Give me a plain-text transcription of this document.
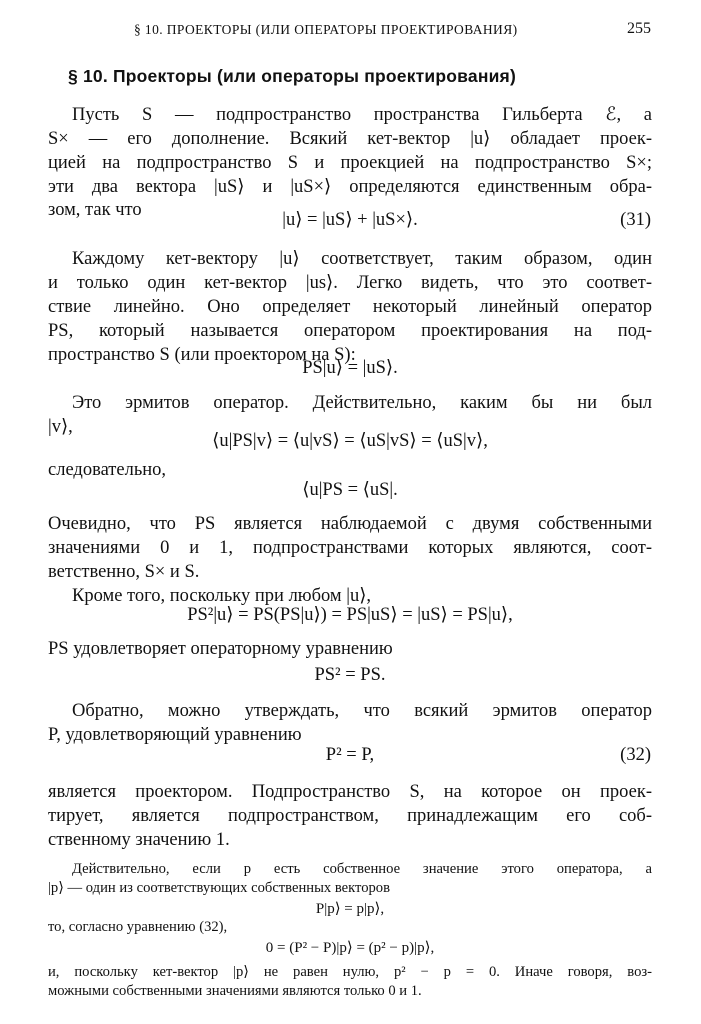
§ 10. ПРОЕКТОРЫ (ИЛИ ОПЕРАТОРЫ ПРОЕКТИРОВАНИЯ)	255
§ 10. Проекторы (или операторы проектирования)

Пусть S — подпространство пространства Гильберта ℰ, а

S× — его дополнение. Всякий кет-вектор |u⟩ обладает проек-

цией на подпространство S и проекцией на подпространство S×;

эти два вектора |uS⟩ и |uS×⟩ определяются единственным обра-

зом, так что	|u⟩ = |uS⟩ + |uS×⟩.	(31)

Каждому кет-вектору |u⟩ соответствует, таким образом, один

и только один кет-вектор |us⟩. Легко видеть, что это соответ-

ствие линейно. Оно определяет некоторый линейный оператор

PS, который называется оператором проектирования на под-

пространство S (или проектором на S):

PS|u⟩ = |uS⟩.

Это эрмитов оператор. Действительно, каким бы ни был

|v⟩,

⟨u|PS|v⟩ = ⟨u|vS⟩ = ⟨uS|vS⟩ = ⟨uS|v⟩,

следовательно,

⟨u|PS = ⟨uS|.

Очевидно, что PS является наблюдаемой с двумя собственными

значениями 0 и 1, подпространствами которых являются, соот-

ветственно, S× и S.

Кроме того, поскольку при любом |u⟩,

PS²|u⟩ = PS(PS|u⟩) = PS|uS⟩ = |uS⟩ = PS|u⟩,

PS удовлетворяет операторному уравнению

PS² = PS.

Обратно, можно утверждать, что всякий эрмитов оператор

P, удовлетворяющий уравнению

P² = P,	(32)

является проектором. Подпространство S, на которое он проек-

тирует, является подпространством, принадлежащим его соб-

ственному значению 1.

Действительно, если p есть собственное значение этого оператора, а

|p⟩ — один из соответствующих собственных векторов

P|p⟩ = p|p⟩,

то, согласно уравнению (32),

0 = (P² − P)|p⟩ = (p² − p)|p⟩,

и, поскольку кет-вектор |p⟩ не равен нулю, p² − p = 0. Иначе говоря, воз-

можными собственными значениями являются только 0 и 1.
